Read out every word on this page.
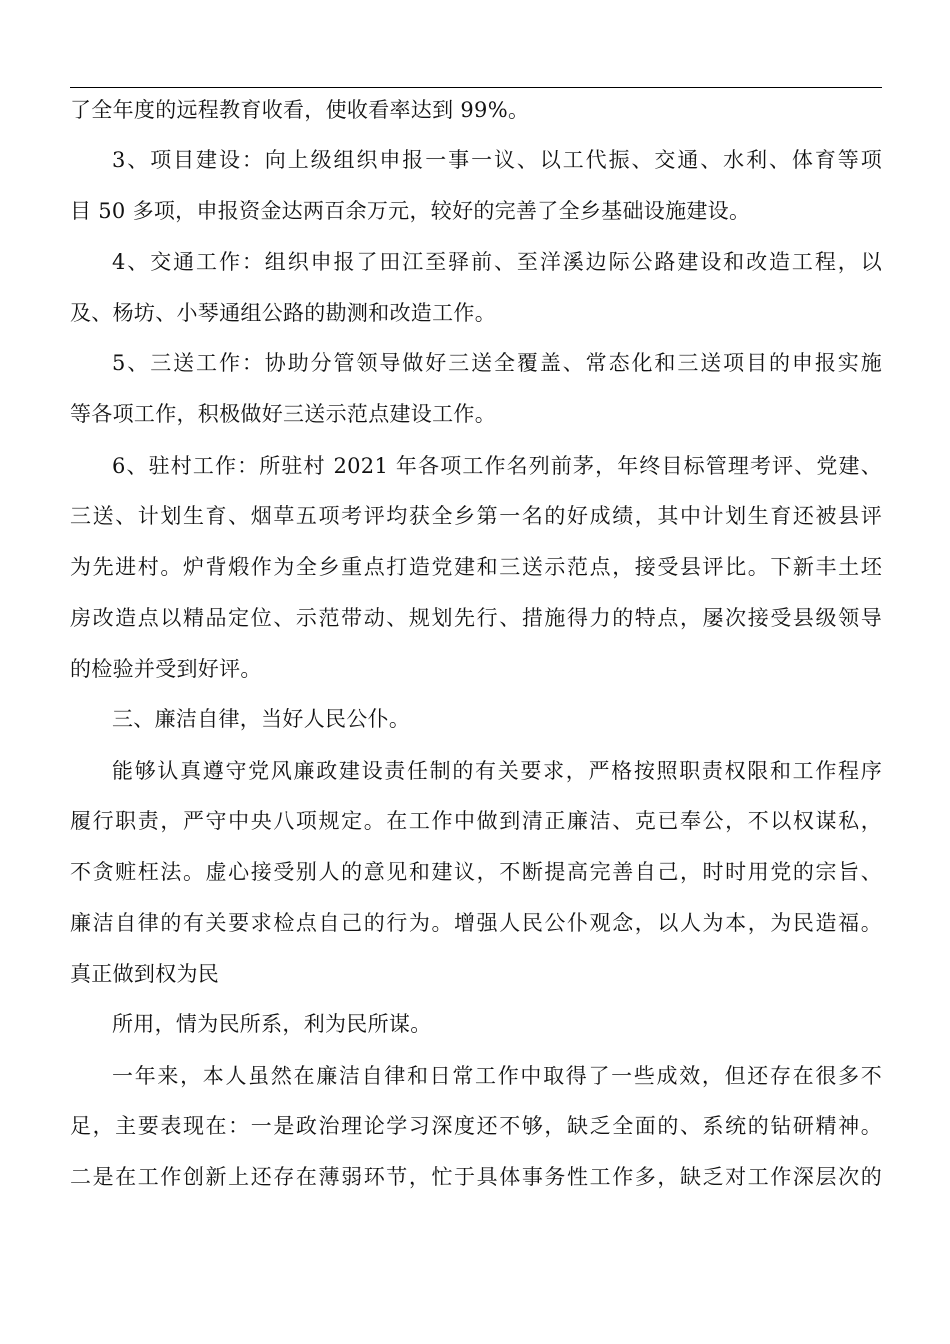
了全年度的远程教育收看，使收看率达到 99%。
3、项目建设：向上级组织申报一事一议、以工代振、交通、水利、体育等项
目 50 多项，申报资金达两百余万元，较好的完善了全乡基础设施建设。
4、交通工作：组织申报了田江至驿前、至洋溪边际公路建设和改造工程，以
及、杨坊、小琴通组公路的勘测和改造工作。
5、三送工作：协助分管领导做好三送全覆盖、常态化和三送项目的申报实施
等各项工作，积极做好三送示范点建设工作。
6、驻村工作：所驻村 2021 年各项工作名列前茅，年终目标管理考评、党建、
三送、计划生育、烟草五项考评均获全乡第一名的好成绩，其中计划生育还被县评
为先进村。炉背煅作为全乡重点打造党建和三送示范点，接受县评比。下新丰土坯
房改造点以精品定位、示范带动、规划先行、措施得力的特点，屡次接受县级领导
的检验并受到好评。
三、廉洁自律，当好人民公仆。
能够认真遵守党风廉政建设责任制的有关要求，严格按照职责权限和工作程序
履行职责，严守中央八项规定。在工作中做到清正廉洁、克已奉公，不以权谋私，
不贪赃枉法。虚心接受别人的意见和建议，不断提高完善自己，时时用党的宗旨、
廉洁自律的有关要求检点自己的行为。增强人民公仆观念，以人为本，为民造福。
真正做到权为民
所用，情为民所系，利为民所谋。
一年来，本人虽然在廉洁自律和日常工作中取得了一些成效，但还存在很多不
足，主要表现在：一是政治理论学习深度还不够，缺乏全面的、系统的钻研精神。
二是在工作创新上还存在薄弱环节，忙于具体事务性工作多，缺乏对工作深层次的
